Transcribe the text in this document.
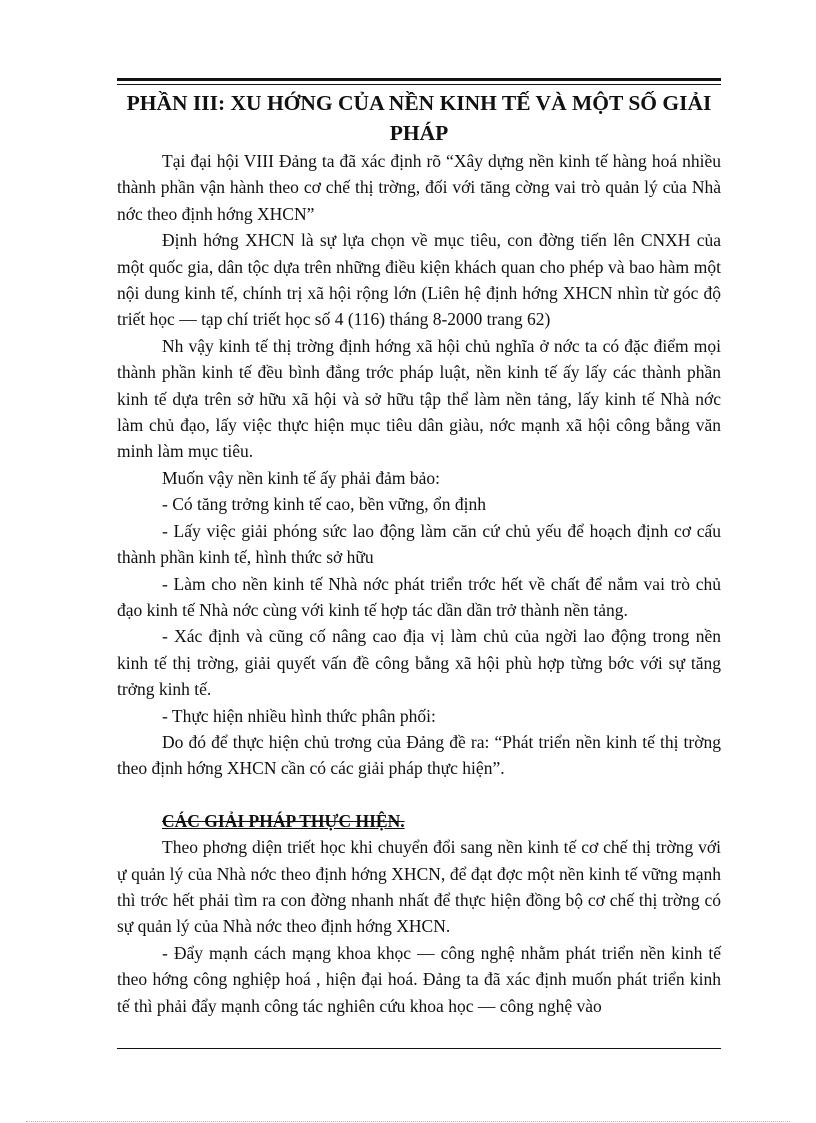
PHẦN III: XU HỚNG CỦA NỀN KINH TẾ VÀ MỘT SỐ GIẢI PHÁP

Tại đại hội VIII Đảng ta đã xác định rõ “Xây dựng nền kinh tế hàng hoá nhiều thành phần vận hành theo cơ chế thị trờng, đối với tăng cờng vai trò quản lý của Nhà nớc theo định hớng XHCN”

Định hớng XHCN là sự lựa chọn về mục tiêu, con đờng tiến lên CNXH của một quốc gia, dân tộc dựa trên những điều kiện khách quan cho phép và bao hàm một nội dung kinh tế, chính trị xã hội rộng lớn (Liên hệ định hớng XHCN nhìn từ góc độ triết học — tạp chí triết học số 4 (116) tháng 8-2000 trang 62)

Nh vậy kinh tế thị trờng định hớng xã hội chủ nghĩa ở nớc ta có đặc điểm mọi thành phần kinh tế đều bình đẳng trớc pháp luật, nền kinh tế ấy lấy các thành phần kinh tế dựa trên sở hữu xã hội và sở hữu tập thể làm nền tảng, lấy kinh tế Nhà nớc làm chủ đạo, lấy việc thực hiện mục tiêu dân giàu, nớc mạnh xã hội công bằng văn minh làm mục tiêu.

Muốn vậy nền kinh tế ấy phải đảm bảo:

- Có tăng trởng kinh tế cao, bền vững, ổn định

- Lấy việc giải phóng sức lao động làm căn cứ chủ yếu để hoạch định cơ cấu thành phần kinh tế, hình thức sở hữu

- Làm cho nền kinh tế Nhà nớc phát triển trớc hết về chất để nắm vai trò chủ đạo kinh tế Nhà nớc cùng với kinh tế hợp tác dần dần trở thành nền tảng.

- Xác định và cũng cố nâng cao địa vị làm chủ của ngời lao động trong nền kinh tế thị trờng, giải quyết vấn đề công bằng xã hội phù hợp từng bớc với sự tăng trởng kinh tế.

- Thực hiện nhiều hình thức phân phối:

Do đó để thực hiện chủ trơng của Đảng đề ra: “Phát triển nền kinh tế thị trờng theo định hớng XHCN cần có các giải pháp thực hiện”.

CÁC GIẢI PHÁP THỰC HIỆN.

Theo phơng diện triết học khi chuyển đổi sang nền kinh tế cơ chế thị trờng với ự quản lý của Nhà nớc theo định hớng XHCN, để đạt đợc một nền kinh tế vững mạnh thì trớc hết phải tìm ra con đờng nhanh nhất để thực hiện đồng bộ cơ chế thị trờng có sự quản lý của Nhà nớc theo định hớng XHCN.

- Đẩy mạnh cách mạng khoa khọc — công nghệ nhằm phát triển nền kinh tế theo hớng công nghiệp hoá , hiện đại hoá. Đảng ta đã xác định muốn phát triển kinh tế thì phải đẩy mạnh công tác nghiên cứu khoa học — công nghệ vào
